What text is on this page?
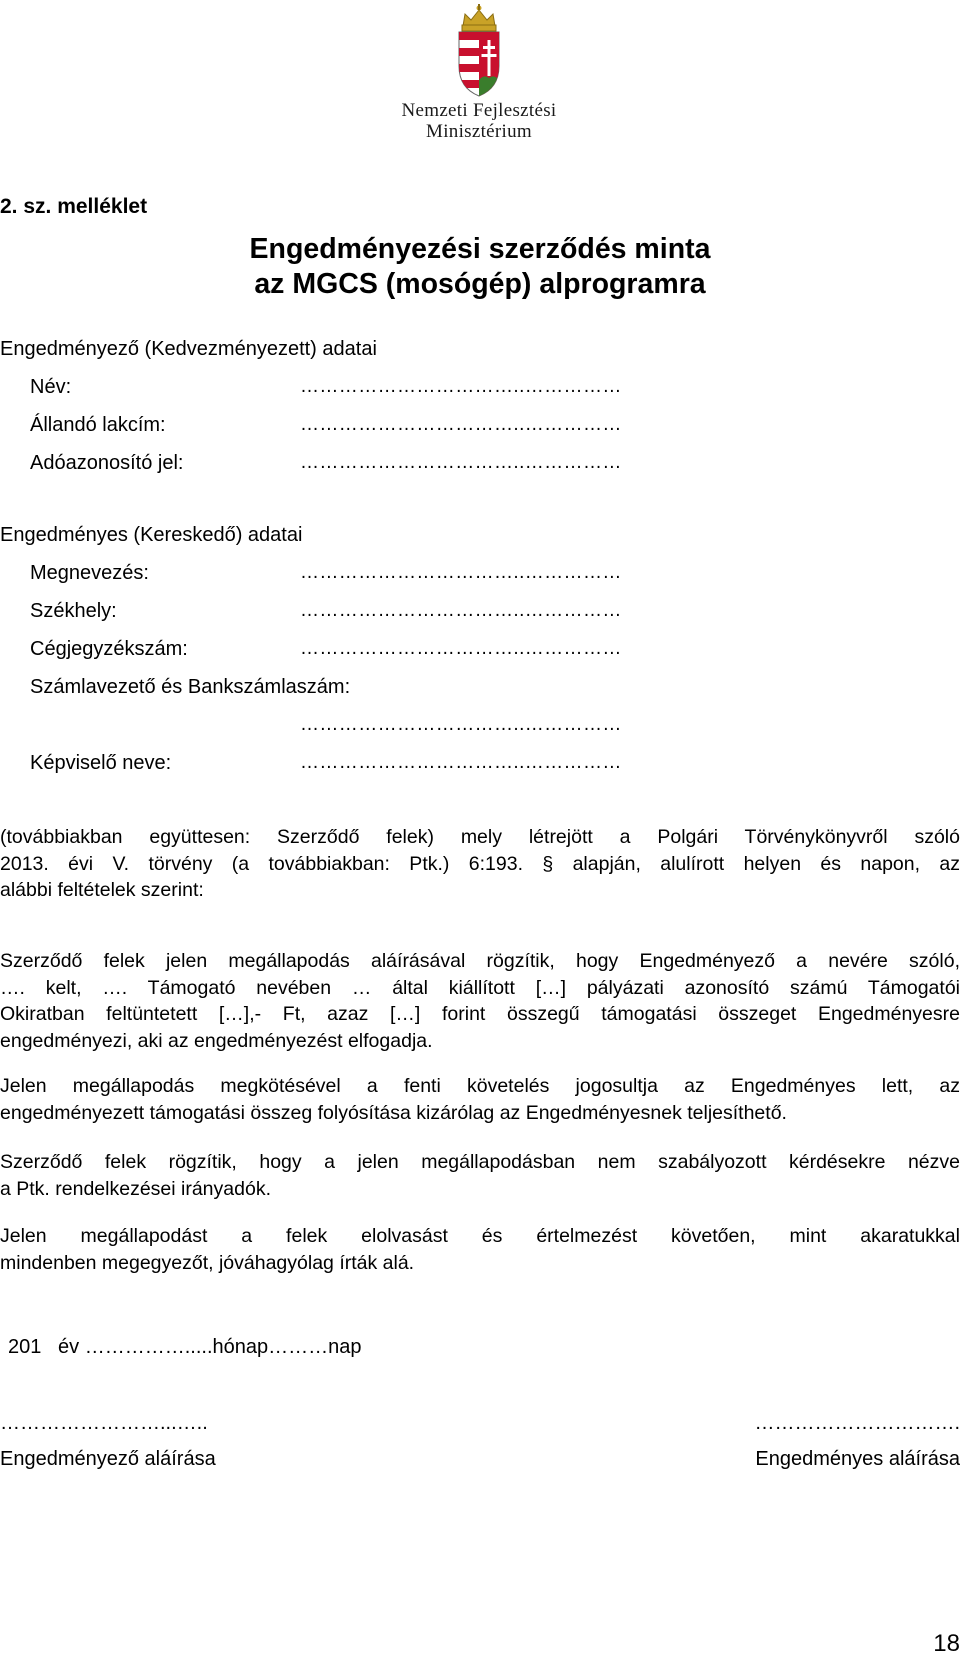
Nemzeti Fejlesztési
Minisztérium
2. sz. melléklet
Engedményezési szerződés minta
az MGCS (mosógép) alprogramra
Engedményező (Kedvezményezett) adatai
Név:	……………………………..……………
Állandó lakcím:	……………………………..……………
Adóazonosító jel:	……………………………..……………
Engedményes (Kereskedő) adatai
Megnevezés:	……………………………..……………
Székhely:	……………………………..……………
Cégjegyzékszám:	……………………………..……………
Számlavezető és Bankszámlaszám:
……………………………..……………
Képviselő neve:	……………………………..……………
(továbbiakban együttesen: Szerződő felek) mely létrejött a Polgári Törvénykönyvről szóló
2013. évi V. törvény (a továbbiakban: Ptk.) 6:193. § alapján, alulírott helyen és napon, az
alábbi feltételek szerint:
Szerződő felek jelen megállapodás aláírásával rögzítik, hogy Engedményező a nevére szóló,
…. kelt, …. Támogató nevében … által kiállított […] pályázati azonosító számú Támogatói
Okiratban feltüntetett […],- Ft, azaz […] forint összegű támogatási összeget Engedményesre
engedményezi, aki az engedményezést elfogadja.
Jelen megállapodás megkötésével a fenti követelés jogosultja az Engedményes lett, az
engedményezett támogatási összeg folyósítása kizárólag az Engedményesnek teljesíthető.
Szerződő felek rögzítik, hogy a jelen megállapodásban nem szabályozott kérdésekre nézve
a Ptk. rendelkezései irányadók.
Jelen megállapodást a felek elolvasást és értelmezést követően, mint akaratukkal
mindenben megegyezőt, jóváhagyólag írták alá.
201   év …………….....hónap………nap
……………………...…..
Engedményező aláírása
………………………….
Engedményes aláírása
18
